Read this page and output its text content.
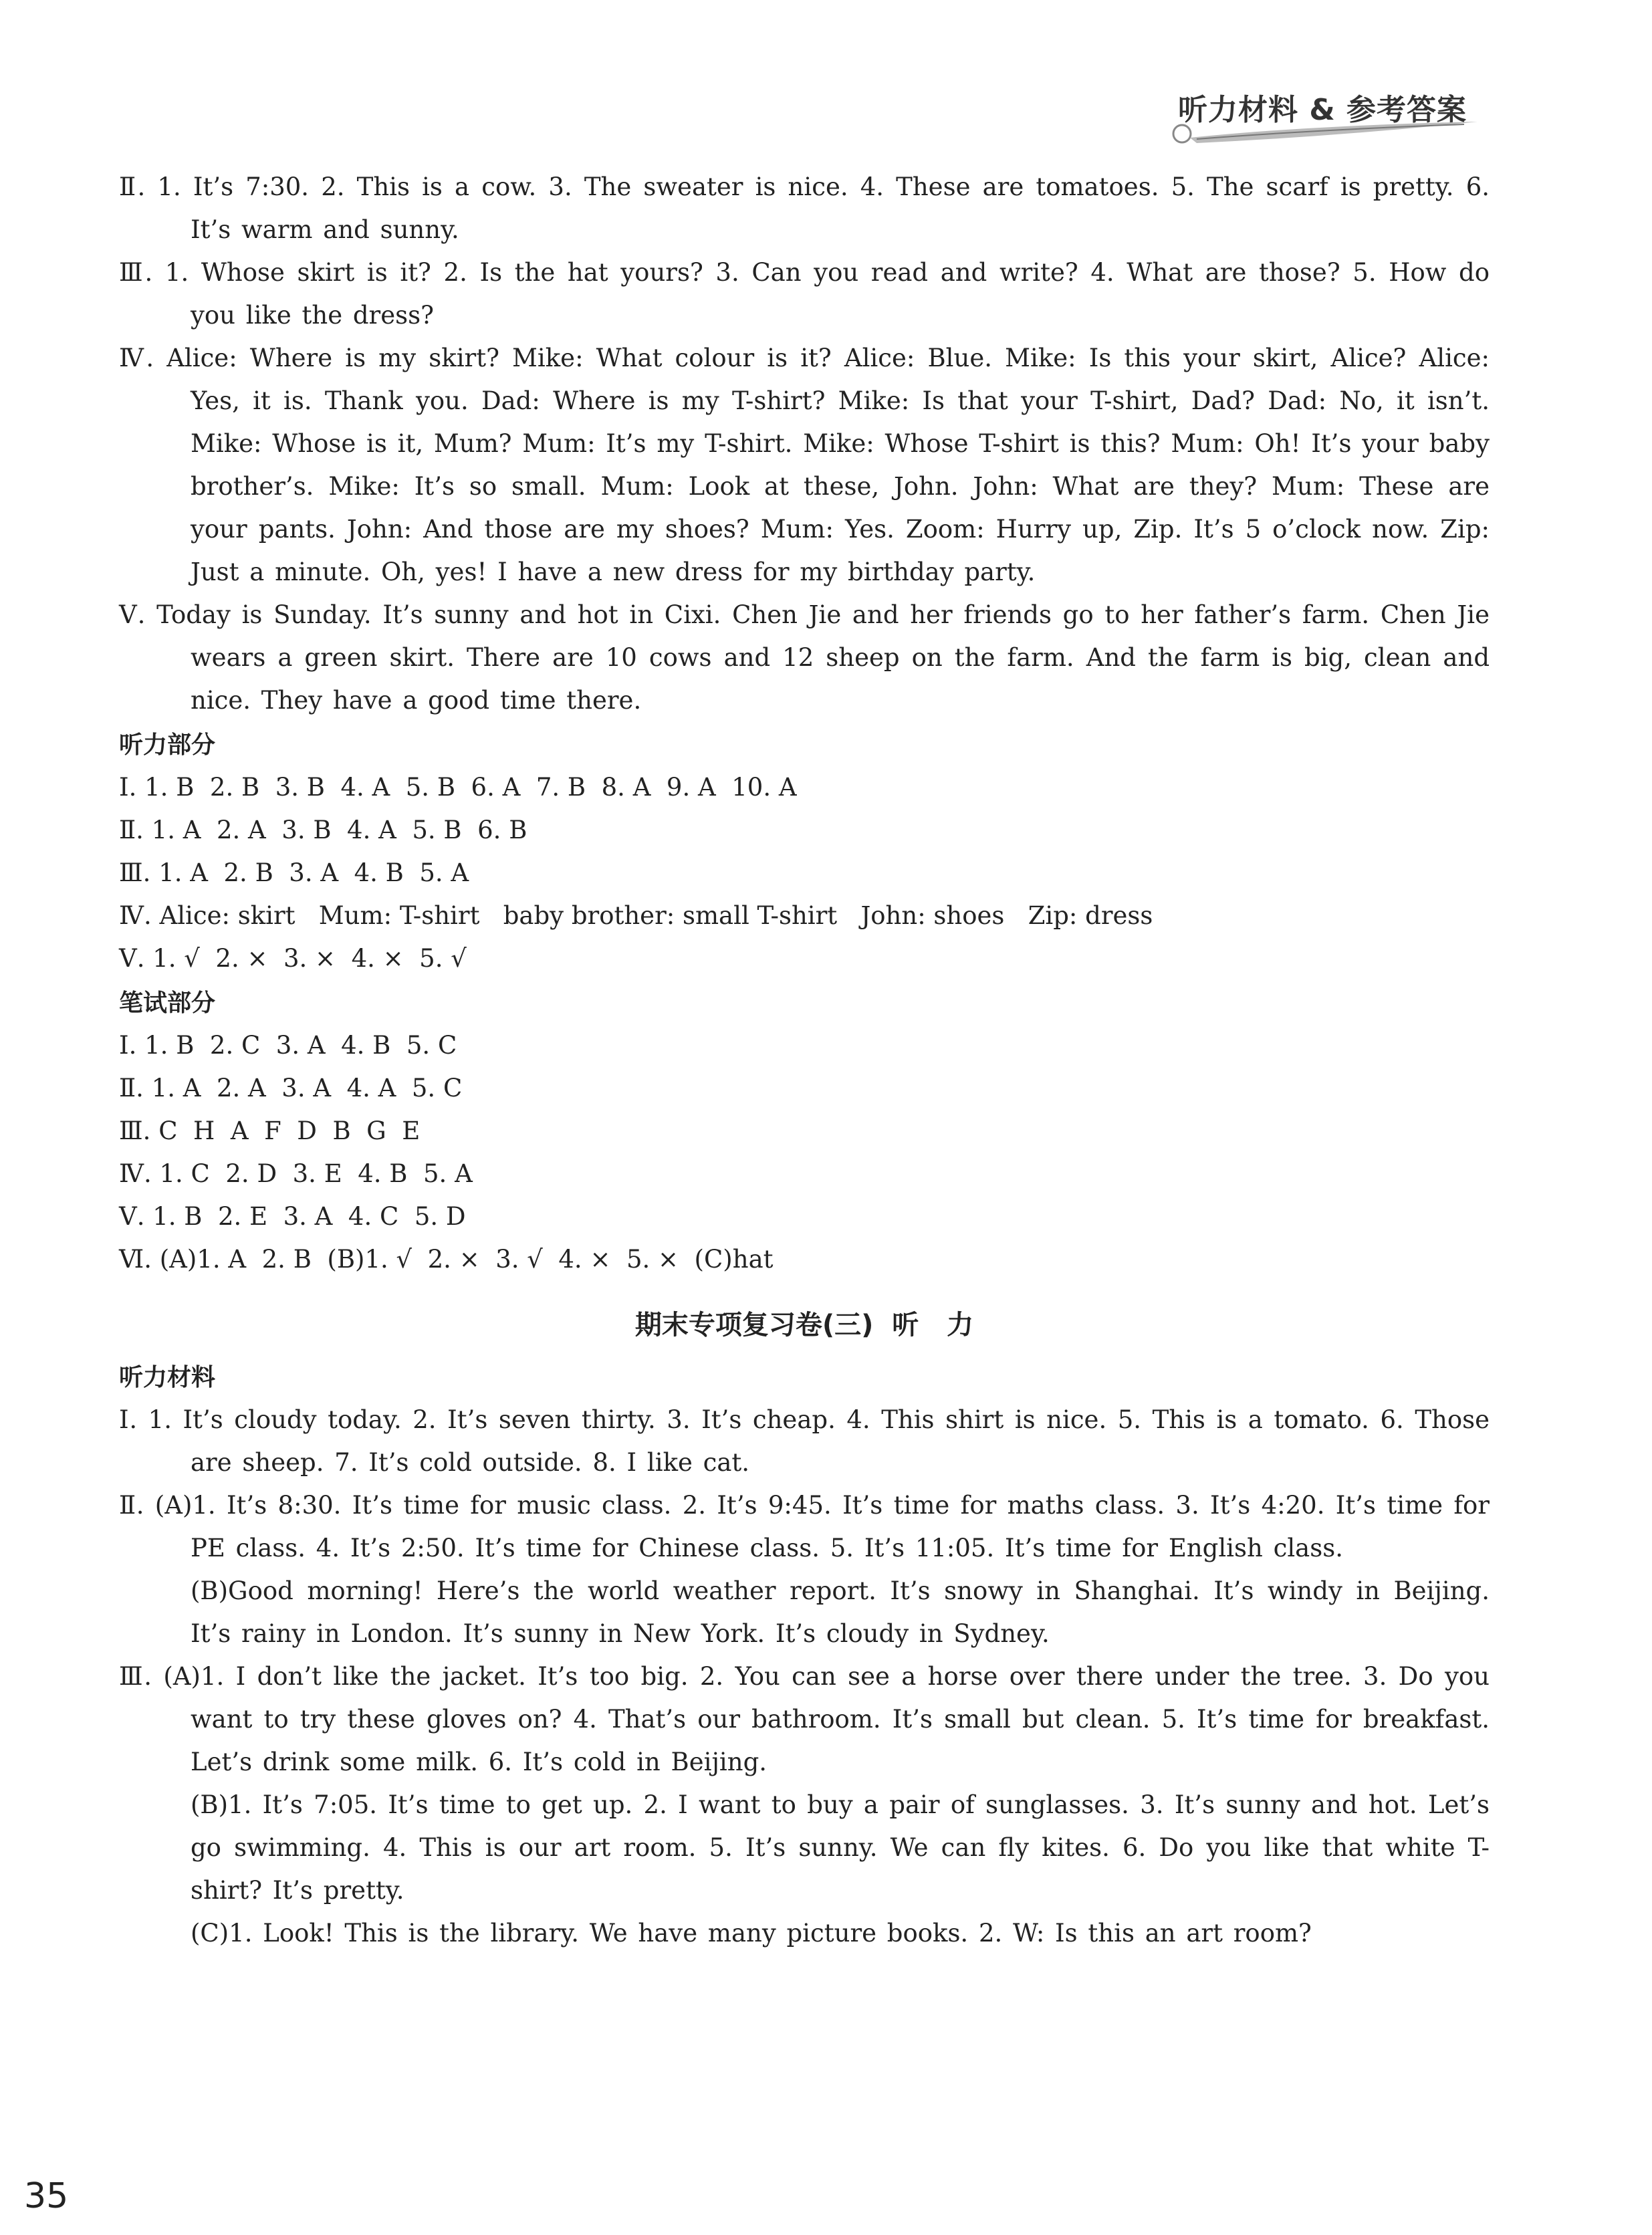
听力材料 & 参考答案
Ⅱ. 1. It’s 7:30. 2. This is a cow. 3. The sweater is nice. 4. These are tomatoes. 5. The scarf is pretty. 6. It’s warm and sunny.
Ⅲ. 1. Whose skirt is it? 2. Is the hat yours? 3. Can you read and write? 4. What are those? 5. How do you like the dress?
Ⅳ. Alice: Where is my skirt? Mike: What colour is it? Alice: Blue. Mike: Is this your skirt, Alice? Alice: Yes, it is. Thank you. Dad: Where is my T-shirt? Mike: Is that your T-shirt, Dad? Dad: No, it isn’t. Mike: Whose is it, Mum? Mum: It’s my T-shirt. Mike: Whose T-shirt is this? Mum: Oh! It’s your baby brother’s. Mike: It’s so small. Mum: Look at these, John. John: What are they? Mum: These are your pants. John: And those are my shoes? Mum: Yes. Zoom: Hurry up, Zip. It’s 5 o’clock now. Zip: Just a minute. Oh, yes! I have a new dress for my birthday party.
Ⅴ. Today is Sunday. It’s sunny and hot in Cixi. Chen Jie and her friends go to her father’s farm. Chen Jie wears a green skirt. There are 10 cows and 12 sheep on the farm. And the farm is big, clean and nice. They have a good time there.
听力部分
Ⅰ. 1. B  2. B  3. B  4. A  5. B  6. A  7. B  8. A  9. A  10. A
Ⅱ. 1. A  2. A  3. B  4. A  5. B  6. B
Ⅲ. 1. A  2. B  3. A  4. B  5. A
Ⅳ. Alice: skirt   Mum: T-shirt   baby brother: small T-shirt   John: shoes   Zip: dress
Ⅴ. 1. √  2. ×  3. ×  4. ×  5. √
笔试部分
Ⅰ. 1. B  2. C  3. A  4. B  5. C
Ⅱ. 1. A  2. A  3. A  4. A  5. C
Ⅲ. C  H  A  F  D  B  G  E
Ⅳ. 1. C  2. D  3. E  4. B  5. A
Ⅴ. 1. B  2. E  3. A  4. C  5. D
Ⅵ. (A)1. A  2. B  (B)1. √  2. ×  3. √  4. ×  5. ×  (C)hat
期末专项复习卷(三)  听   力
听力材料
Ⅰ. 1. It’s cloudy today. 2. It’s seven thirty. 3. It’s cheap. 4. This shirt is nice. 5. This is a tomato. 6. Those are sheep. 7. It’s cold outside. 8. I like cat.
Ⅱ. (A)1. It’s 8:30. It’s time for music class. 2. It’s 9:45. It’s time for maths class. 3. It’s 4:20. It’s time for PE class. 4. It’s 2:50. It’s time for Chinese class. 5. It’s 11:05. It’s time for English class.
(B)Good morning! Here’s the world weather report. It’s snowy in Shanghai. It’s windy in Beijing. It’s rainy in London. It’s sunny in New York. It’s cloudy in Sydney.
Ⅲ. (A)1. I don’t like the jacket. It’s too big. 2. You can see a horse over there under the tree. 3. Do you want to try these gloves on? 4. That’s our bathroom. It’s small but clean. 5. It’s time for breakfast. Let’s drink some milk. 6. It’s cold in Beijing.
(B)1. It’s 7:05. It’s time to get up. 2. I want to buy a pair of sunglasses. 3. It’s sunny and hot. Let’s go swimming. 4. This is our art room. 5. It’s sunny. We can fly kites. 6. Do you like that white T-shirt? It’s pretty.
(C)1. Look! This is the library. We have many picture books. 2. W: Is this an art room?
35
